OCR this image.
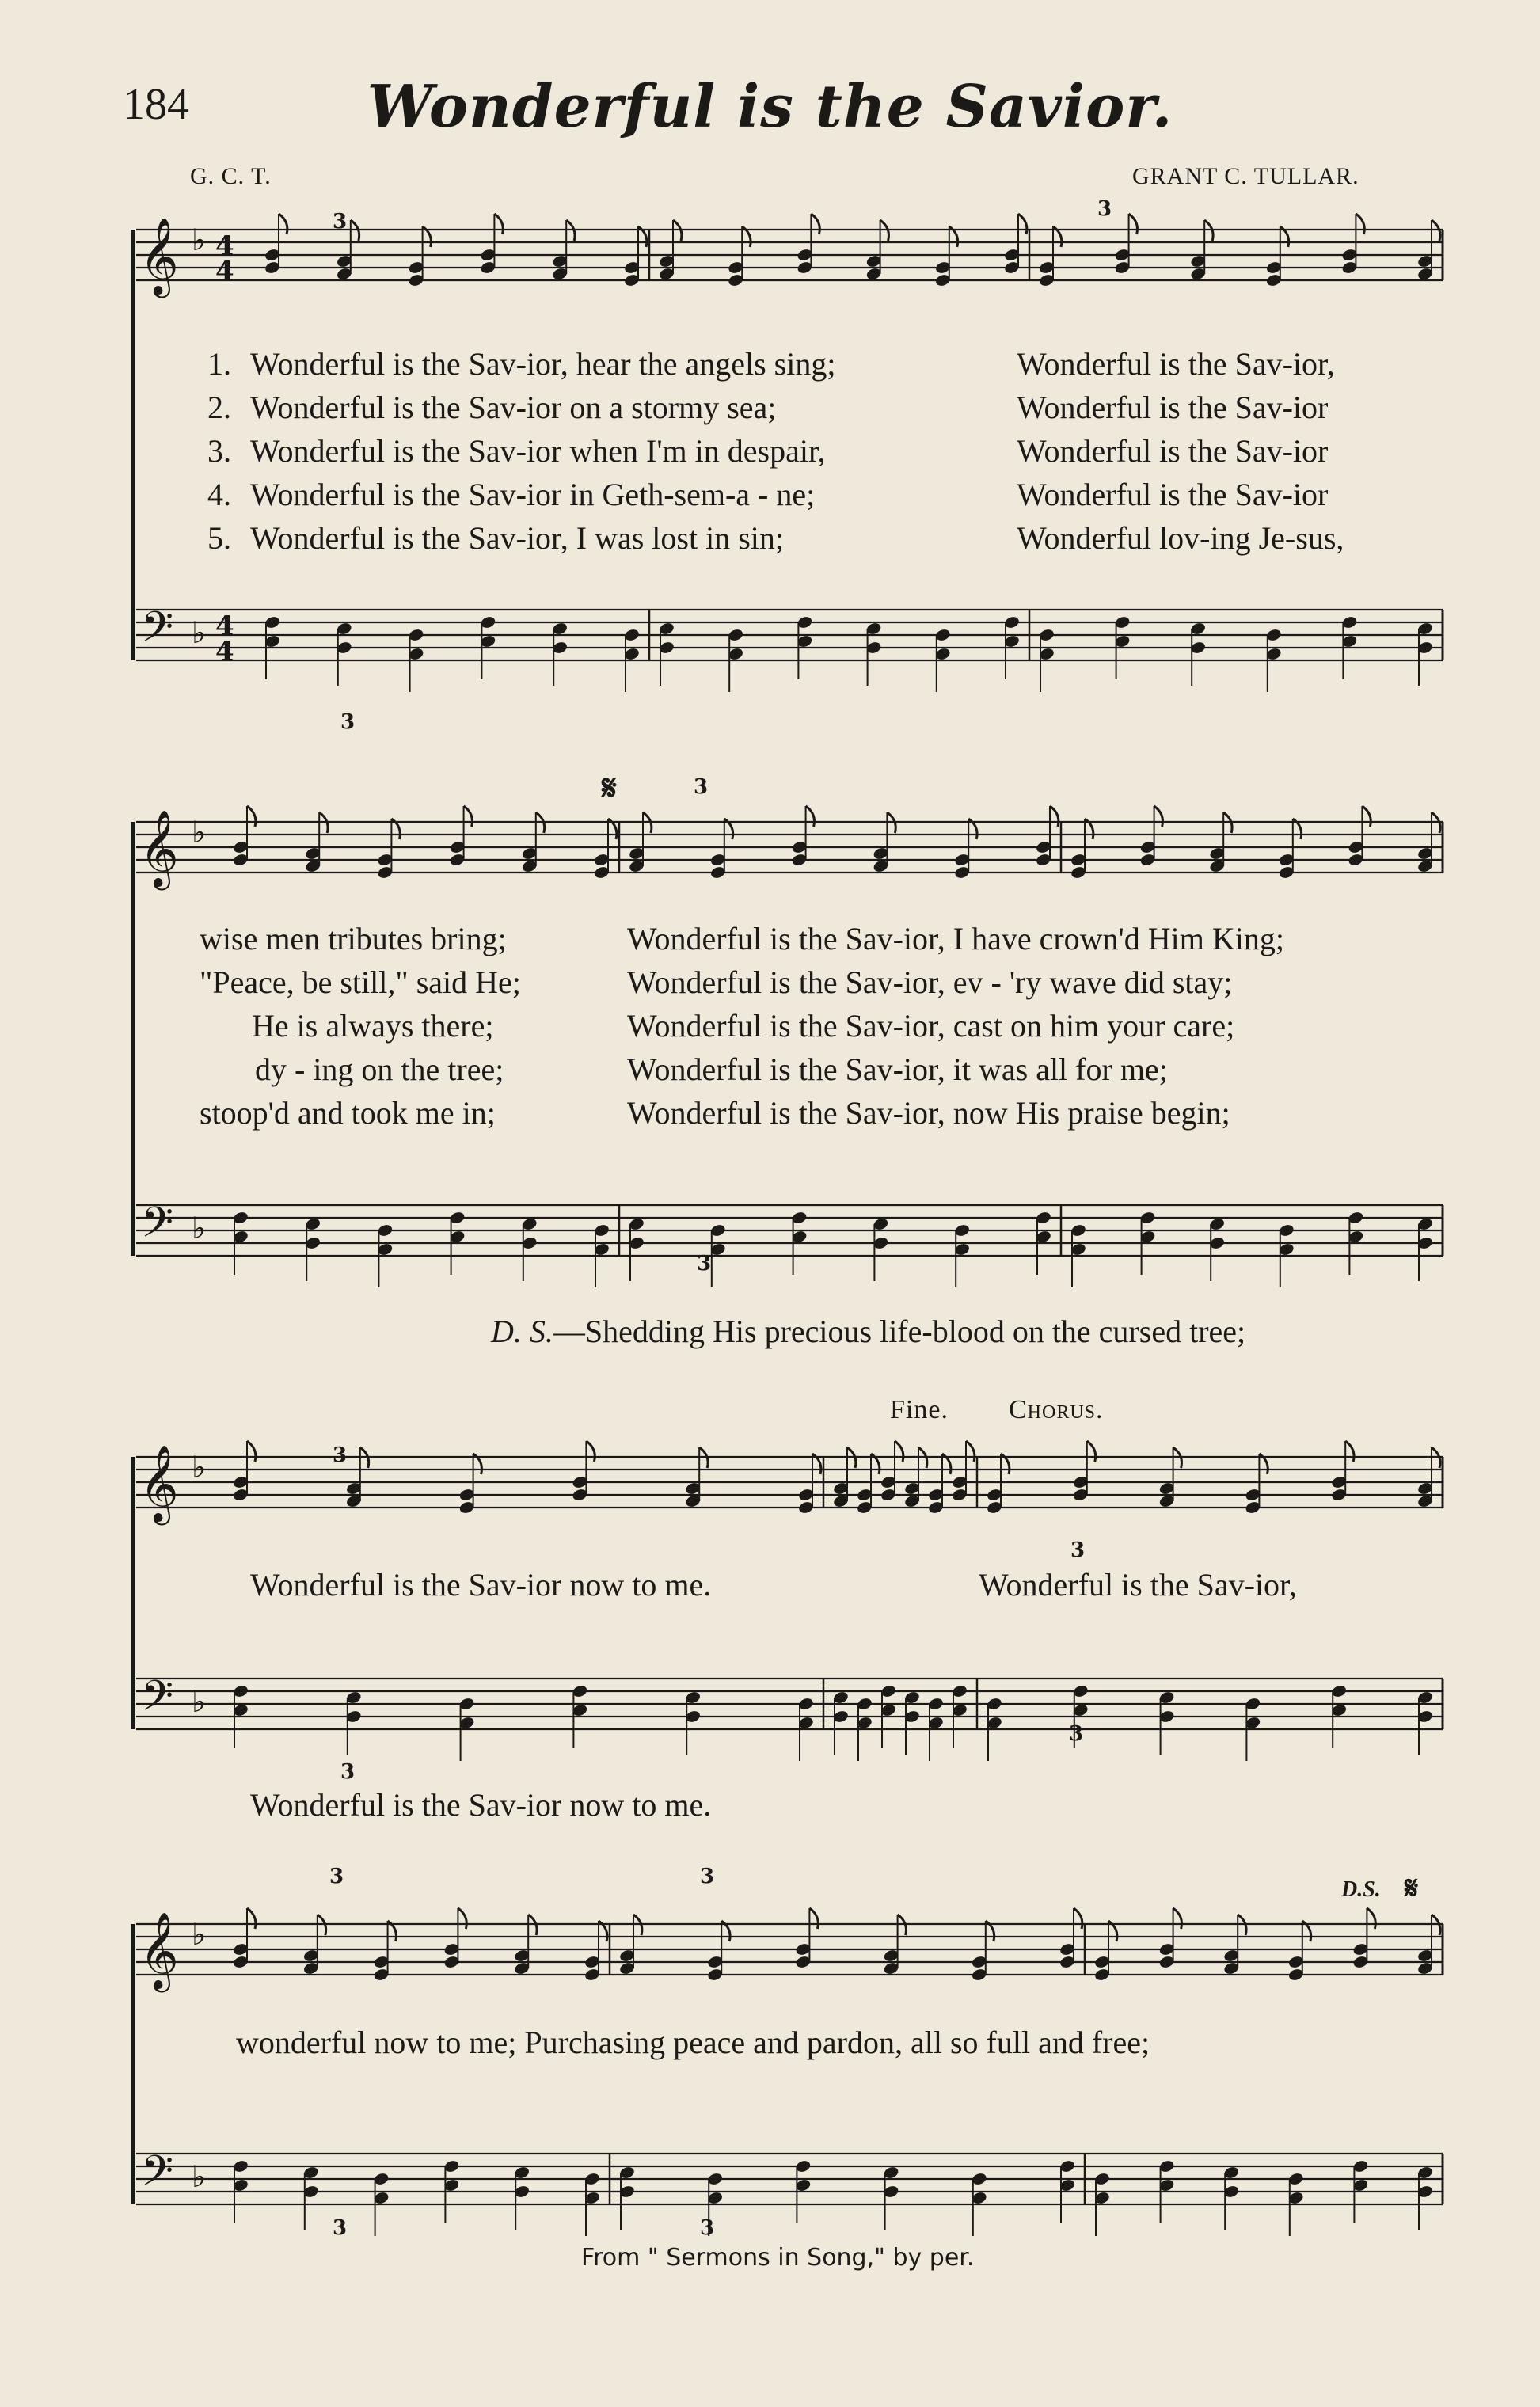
184	Wonderful is the Savior.
G. C. T.	GRANT C. TULLAR.
𝄞
𝄢
♭
♭
4
4
4
4
𝄞
𝄢
♭
♭
𝄞
𝄢
♭
♭
𝄞
𝄢
♭
♭
𝄋
𝄋
3
3
3
3
3
3
3
3
3
3	3
3	3
1. Wonderful is the Sav-ior, hear the angels sing;	Wonderful is the Sav-ior,
2. Wonderful is the Sav-ior on a stormy sea;	Wonderful is the Sav-ior
3. Wonderful is the Sav-ior when I'm in despair,	Wonderful is the Sav-ior
4. Wonderful is the Sav-ior in Geth-sem-a - ne;	Wonderful is the Sav-ior
5. Wonderful is the Sav-ior, I was lost in sin;	Wonderful lov-ing Je-sus,
wise men tributes bring;	Wonderful is the Sav-ior, I have crown'd Him King;
"Peace, be still," said He;	Wonderful is the Sav-ior, ev - 'ry wave did stay;
He is always there;	Wonderful is the Sav-ior, cast on him your care;
dy - ing on the tree;	Wonderful is the Sav-ior, it was all for me;
stoop'd and took me in;	Wonderful is the Sav-ior, now His praise begin;
D. S.—Shedding His precious life-blood on the cursed tree;
Fine. Chorus.
Wonderful is the Sav-ior now to me.	Wonderful is the Sav-ior,
Wonderful is the Sav-ior now to me.
wonderful now to me; Purchasing peace and pardon, all so full and free;
D.S.
From " Sermons in Song," by per.
